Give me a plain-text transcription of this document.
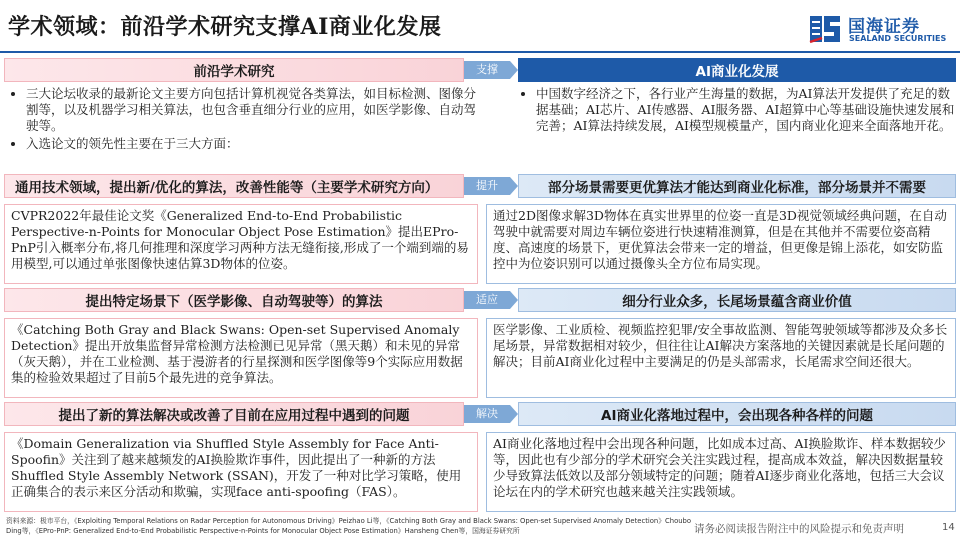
学术领域：前沿学术研究支撑AI商业化发展	国海证券
SEALAND SECURITIES
前沿学术研究	支撑	AI商业化发展
• 三大论坛收录的最新论文主要方向包括计算机视觉各类算法，如目标检测、图像分割等，以及机器学习相关算法，也包含垂直细分行业的应用，如医学影像、自动驾驶等。
• 入选论文的领先性主要在于三大方面：
• 中国数字经济之下，各行业产生海量的数据，为AI算法开发提供了充足的数据基础；AI芯片、AI传感器、AI服务器、AI超算中心等基础设施快速发展和完善；AI算法持续发展，AI模型规模量产，国内商业化迎来全面落地开花。
通用技术领域，提出新/优化的算法，改善性能等（主要学术研究方向）	提升	部分场景需要更优算法才能达到商业化标准，部分场景并不需要
CVPR2022年最佳论文奖《Generalized End-to-End Probabilistic Perspective-n-Points for Monocular Object Pose Estimation》提出EPro-PnP引入概率分布,将几何推理和深度学习两种方法无缝衔接,形成了一个端到端的易用模型,可以通过单张图像快速估算3D物体的位姿。
通过2D图像求解3D物体在真实世界里的位姿一直是3D视觉领域经典问题，在自动驾驶中就需要对周边车辆位姿进行快速精准测算，但是在其他并不需要位姿高精度、高速度的场景下，更优算法会带来一定的增益，但更像是锦上添花，如安防监控中为位姿识别可以通过摄像头全方位布局实现。
提出特定场景下（医学影像、自动驾驶等）的算法	适应	细分行业众多，长尾场景蕴含商业价值
《Catching Both Gray and Black Swans: Open-set Supervised Anomaly Detection》提出开放集监督异常检测方法检测已见异常（黑天鹅）和未见的异常（灰天鹅），并在工业检测、基于漫游者的行星探测和医学图像等9个实际应用数据集的检验效果超过了目前5个最先进的竞争算法。
医学影像、工业质检、视频监控犯罪/安全事故监测、智能驾驶领域等都涉及众多长尾场景，异常数据相对较少，但往往让AI解决方案落地的关键因素就是长尾问题的解决；目前AI商业化过程中主要满足的仍是头部需求，长尾需求空间还很大。
提出了新的算法解决或改善了目前在应用过程中遇到的问题	解决	AI商业化落地过程中，会出现各种各样的问题
《Domain Generalization via Shuffled Style Assembly for Face Anti-Spoofin》关注到了越来越频发的AI换脸欺诈事件，因此提出了一种新的方法Shuffled Style Assembly Network (SSAN)，开发了一种对比学习策略，使用正确集合的表示来区分活动和欺骗，实现face anti-spoofing（FAS）。
AI商业化落地过程中会出现各种问题，比如成本过高、AI换脸欺诈、样本数据较少等，因此也有少部分的学术研究会关注实践过程，提高成本效益，解决因数据量较少导致算法低效以及部分领域特定的问题；随着AI逐步商业化落地，包括三大会议论坛在内的学术研究也越来越关注实践领域。
资料来源：极市平台，《Exploiting Temporal Relations on Radar Perception for Autonomous Driving》Peizhao Li等，《Catching Both Gray and Black Swans: Open-set Supervised Anomaly Detection》Choubo Ding等，《EPro-PnP: Generalized End-to-End Probabilistic Perspective-n-Points for Monocular Object Pose Estimation》Hansheng Chen等，国海证券研究所	请务必阅读报告附注中的风险提示和免责声明	14
